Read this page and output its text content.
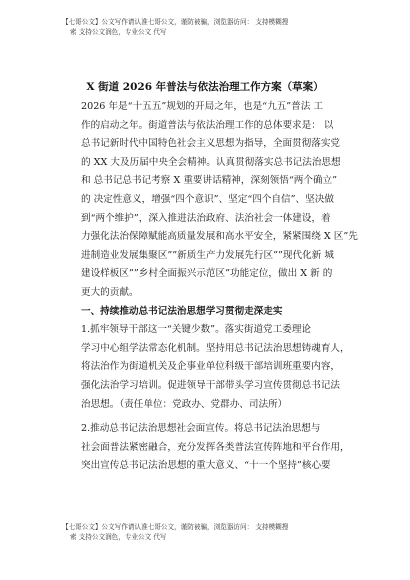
【七哥公文】公文写作请认准七哥公文，谨防被骗，浏览器访问： 支持模糊搜
索 支持公文润色，专业公文 代写
X 街道 2026 年普法与依法治理工作方案（草案）

2026 年是“十五五”规划的开局之年，也是“九五”普法 工
作的启动之年。街道普法与依法治理工作的总体要求是： 以
总书记新时代中国特色社会主义思想为指导，全面贯彻落实党
的 XX 大及历届中央全会精神。认真贯彻落实总书记法治思想
和 总书记总书记考察 X 重要讲话精神，深刻领悟“两个确立”
的 决定性意义，增强“四个意识”、坚定“四个自信”、坚决做
到“两个维护”，深入推进法治政府、法治社会一体建设，着
力强化法治保障赋能高质量发展和高水平安全，紧紧围绕 X 区”先
进制造业发展集聚区””新质生产力发展先行区””现代化新 城
建设样板区””乡村全面振兴示范区”功能定位，做出 X 新 的
更大的贡献。

一、持续推动总书记法治思想学习贯彻走深走实

1.抓牢领导干部这一“关键少数”。落实街道党工委理论
学习中心组学法常态化机制。坚持用总书记法治思想铸魂育人，
将法治作为街道机关及企事业单位科级干部培训班重要内容，
强化法治学习培训。促进领导干部带头学习宣传贯彻总书记法
治思想。（责任单位：党政办、党群办、司法所）

2.推动总书记法治思想社会面宣传。将总书记法治思想与
社会面普法紧密融合，充分发挥各类普法宣传阵地和平台作用，
突出宣传总书记法治思想的重大意义、“十一个坚持”核心要

【七哥公文】公文写作请认准七哥公文，谨防被骗，浏览器访问： 支持模糊搜
索 支持公文润色，专业公文 代写
